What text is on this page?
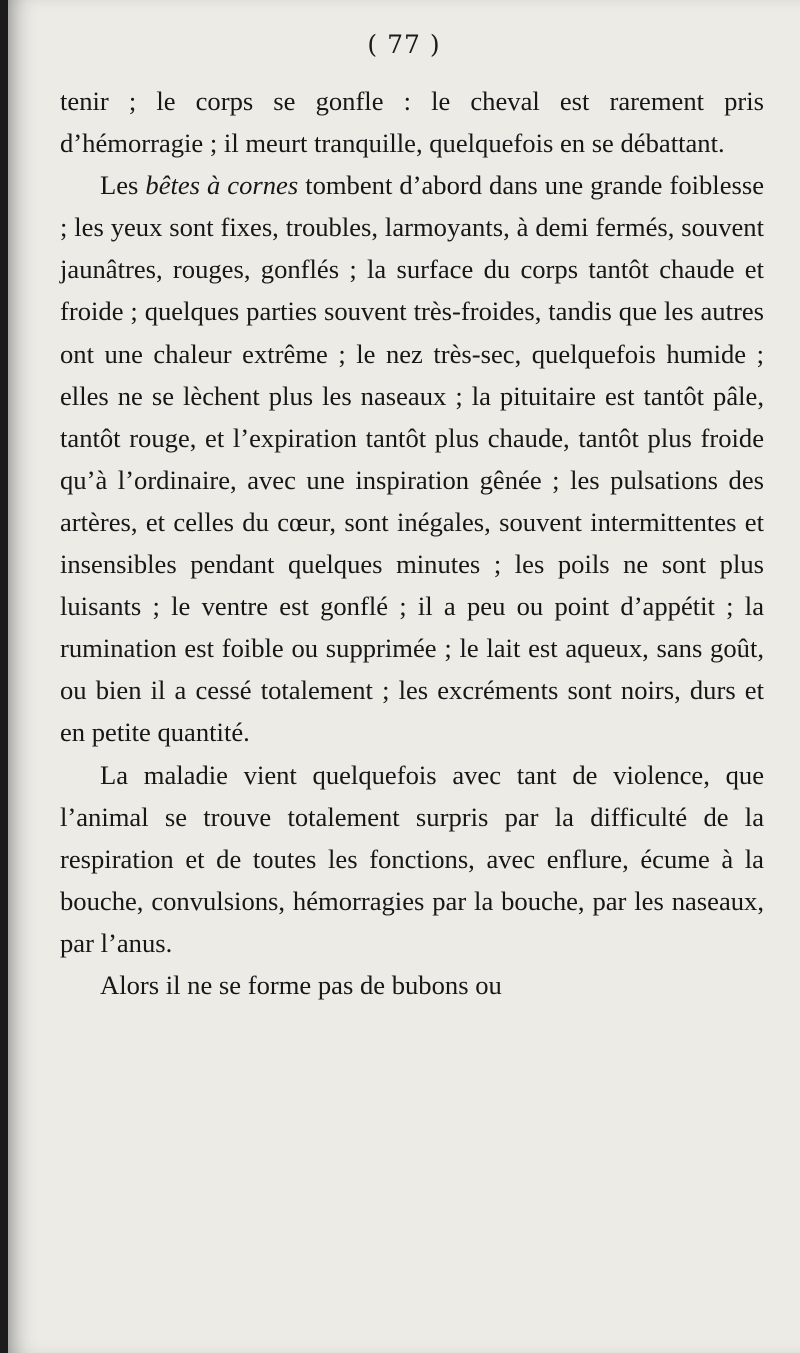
( 77 )

tenir ; le corps se gonfle : le cheval est rarement pris d’hémorragie ; il meurt tranquille, quelquefois en se débattant.

Les bêtes à cornes tombent d’abord dans une grande foiblesse ; les yeux sont fixes, troubles, larmoyants, à demi fermés, souvent jaunâtres, rouges, gonflés ; la surface du corps tantôt chaude et froide ; quelques parties souvent très-froides, tandis que les autres ont une chaleur extrême ; le nez très-sec, quelquefois humide ; elles ne se lèchent plus les naseaux ; la pituitaire est tantôt pâle, tantôt rouge, et l’expiration tantôt plus chaude, tantôt plus froide qu’à l’ordinaire, avec une inspiration gênée ; les pulsations des artères, et celles du cœur, sont inégales, souvent intermittentes et insensibles pendant quelques minutes ; les poils ne sont plus luisants ; le ventre est gonflé ; il a peu ou point d’appétit ; la rumination est foible ou supprimée ; le lait est aqueux, sans goût, ou bien il a cessé totalement ; les excréments sont noirs, durs et en petite quantité.

La maladie vient quelquefois avec tant de violence, que l’animal se trouve totalement surpris par la difficulté de la respiration et de toutes les fonctions, avec enflure, écume à la bouche, convulsions, hémorragies par la bouche, par les naseaux, par l’anus.

Alors il ne se forme pas de bubons ou
